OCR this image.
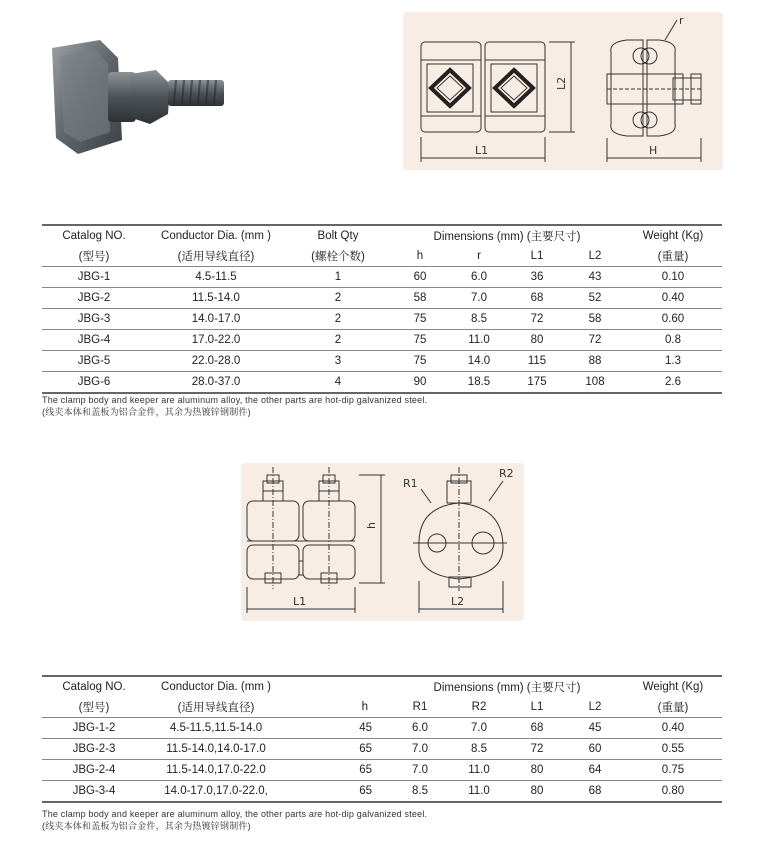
L1
L2
r
H
Catalog NO.	Conductor Dia. (mm )	Bolt Qty	Dimensions (mm) (主要尺寸)				Weight (Kg)
(型号)	(适用导线直径)	(螺栓个数)	h	r	L1	L2	(重量)
JBG-1	4.5-11.5	1	60	6.0	36	43	0.10
JBG-2	11.5-14.0	2	58	7.0	68	52	0.40
JBG-3	14.0-17.0	2	75	8.5	72	58	0.60
JBG-4	17.0-22.0	2	75	11.0	80	72	0.8
JBG-5	22.0-28.0	3	75	14.0	115	88	1.3
JBG-6	28.0-37.0	4	90	18.5	175	108	2.6
The clamp body and keeper are aluminum alloy, the other parts are hot-dip galvanized steel.
(线夹本体和盖板为铝合金件，其余为热镀锌钢制件)
h
L1
R1
R2
L2
Catalog NO.	Conductor Dia. (mm )		Dimensions (mm) (主要尺寸)				Weight (Kg)
(型号)	(适用导线直径)	h	R1	R2	L1	L2	(重量)
JBG-1-2	4.5-11.5,11.5-14.0	45	6.0	7.0	68	45	0.40
JBG-2-3	11.5-14.0,14.0-17.0	65	7.0	8.5	72	60	0.55
JBG-2-4	11.5-14.0,17.0-22.0	65	7.0	11.0	80	64	0.75
JBG-3-4	14.0-17.0,17.0-22.0,	65	8.5	11.0	80	68	0.80
The clamp body and keeper are aluminum alloy, the other parts are hot-dip galvanized steel.
(线夹本体和盖板为铝合金件，其余为热镀锌钢制件)
